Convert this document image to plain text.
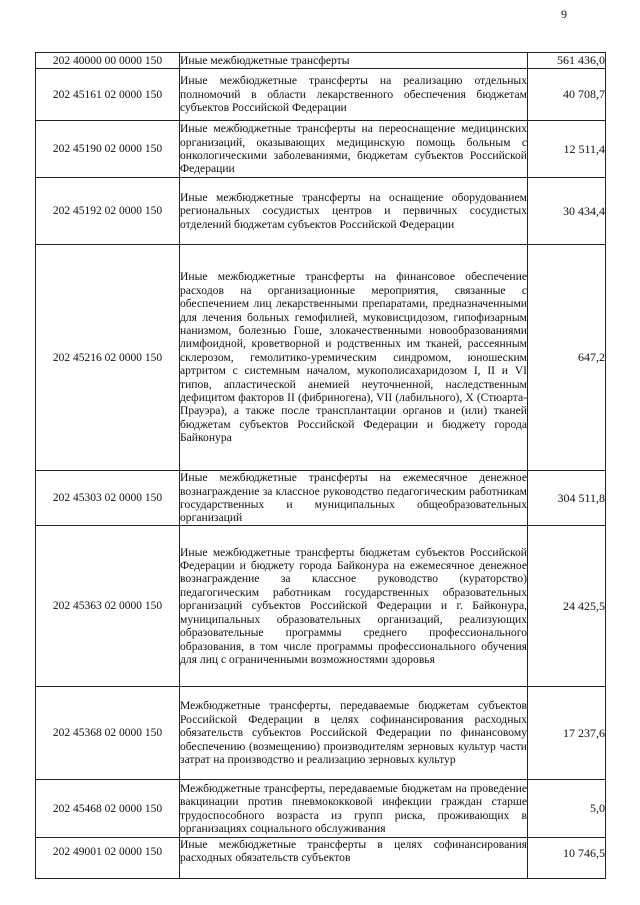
9
202 40000 00 0000 150	Иные межбюджетные трансферты	561 436,0
202 45161 02 0000 150	Иные межбюджетные трансферты на реализацию отдельных полномочий в области лекарственного обеспечения бюджетам субъектов Российской Федерации	40 708,7
202 45190 02 0000 150	Иные межбюджетные трансферты на переоснащение медицинских организаций, оказывающих медицинскую помощь больным с онкологическими заболеваниями, бюджетам субъектов Российской Федерации	12 511,4
202 45192 02 0000 150	Иные межбюджетные трансферты на оснащение оборудованием региональных сосудистых центров и первичных сосудистых отделений бюджетам субъектов Российской Федерации	30 434,4
202 45216 02 0000 150	Иные межбюджетные трансферты на финансовое обеспечение расходов на организационные мероприятия, связанные с обеспечением лиц лекарственными препаратами, предназначенными для лечения больных гемофилией, муковисцидозом, гипофизарным нанизмом, болезнью Гоше, злокачественными новообразованиями лимфоидной, кроветворной и родственных им тканей, рассеянным склерозом, гемолитико-уремическим синдромом, юношеским артритом с системным началом, мукополисахаридозом I, II и VI типов, апластической анемией неуточненной, наследственным дефицитом факторов II (фибриногена), VII (лабильного), X (Стюарта-Прауэра), а также после трансплантации органов и (или) тканей бюджетам субъектов Российской Федерации и бюджету города Байконура	647,2
202 45303 02 0000 150	Иные межбюджетные трансферты на ежемесячное денежное вознаграждение за классное руководство педагогическим работникам государственных и муниципальных общеобразовательных организаций	304 511,8
202 45363 02 0000 150	Иные межбюджетные трансферты бюджетам субъектов Российской Федерации и бюджету города Байконура на ежемесячное денежное вознаграждение за классное руководство (кураторство) педагогическим работникам государственных образовательных организаций субъектов Российской Федерации и г. Байконура, муниципальных образовательных организаций, реализующих образовательные программы среднего профессионального образования, в том числе программы профессионального обучения для лиц с ограниченными возможностями здоровья	24 425,5
202 45368 02 0000 150	Межбюджетные трансферты, передаваемые бюджетам субъектов Российской Федерации в целях софинансирования расходных обязательств субъектов Российской Федерации по финансовому обеспечению (возмещению) производителям зерновых культур части затрат на производство и реализацию зерновых культур	17 237,6
202 45468 02 0000 150	Межбюджетные трансферты, передаваемые бюджетам на проведение вакцинации против пневмококковой инфекции граждан старше трудоспособного возраста из групп риска, проживающих в организациях социального обслуживания	5,0
202 49001 02 0000 150	Иные межбюджетные трансферты в целях софинансирования расходных обязательств субъектов	10 746,5
